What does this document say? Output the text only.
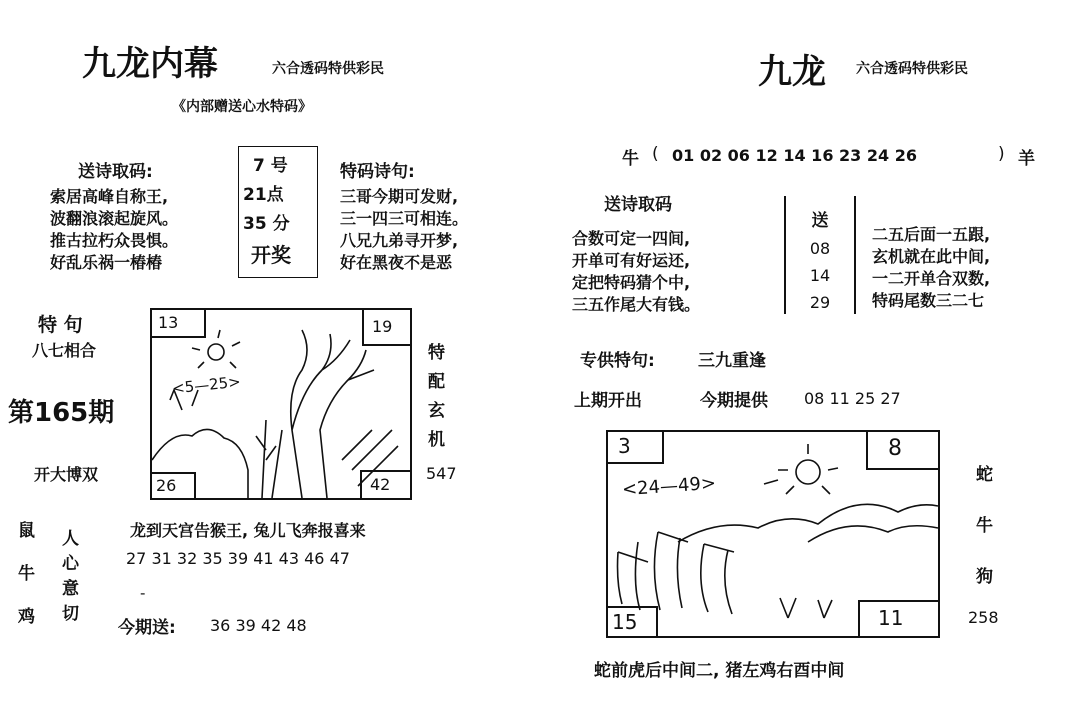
九龙内幕	六合透码特供彩民
《内部赠送心水特码》
送诗取码:
索居高峰自称王,
波翻浪滚起旋风。
推古拉朽众畏惧。
好乱乐祸一椿椿
7 号
21点
35 分
开奖
特码诗句:
三哥今期可发财,
三一四三可相连。
八兄九弟寻开梦,
好在黑夜不是恶
特 句
八七相合
第165期
开大博双
13	19
26	42
<5—25>
特
配
玄
机
547
鼠
牛
鸡
人
心
意
切
龙到天宫告猴王, 兔儿飞奔报喜来
27 31 32 35 39 41 43 46 47
-
今期送: 36 39 42 48
九龙 六合透码特供彩民
牛 ( 01 02 06 12 14 16 23 24 26	) 羊
送诗取码
合数可定一四间,
开单可有好运还,
定把特码猜个中,
三五作尾大有钱。
送
08
14
29
二五后面一五跟,
玄机就在此中间,
一二开单合双数,
特码尾数三二七
专供特句:	三九重逢
上期开出	今期提供 08 11 25 27
3	8
15	11
<24—49>	蛇
牛
狗
258
蛇前虎后中间二, 猪左鸡右酉中间
